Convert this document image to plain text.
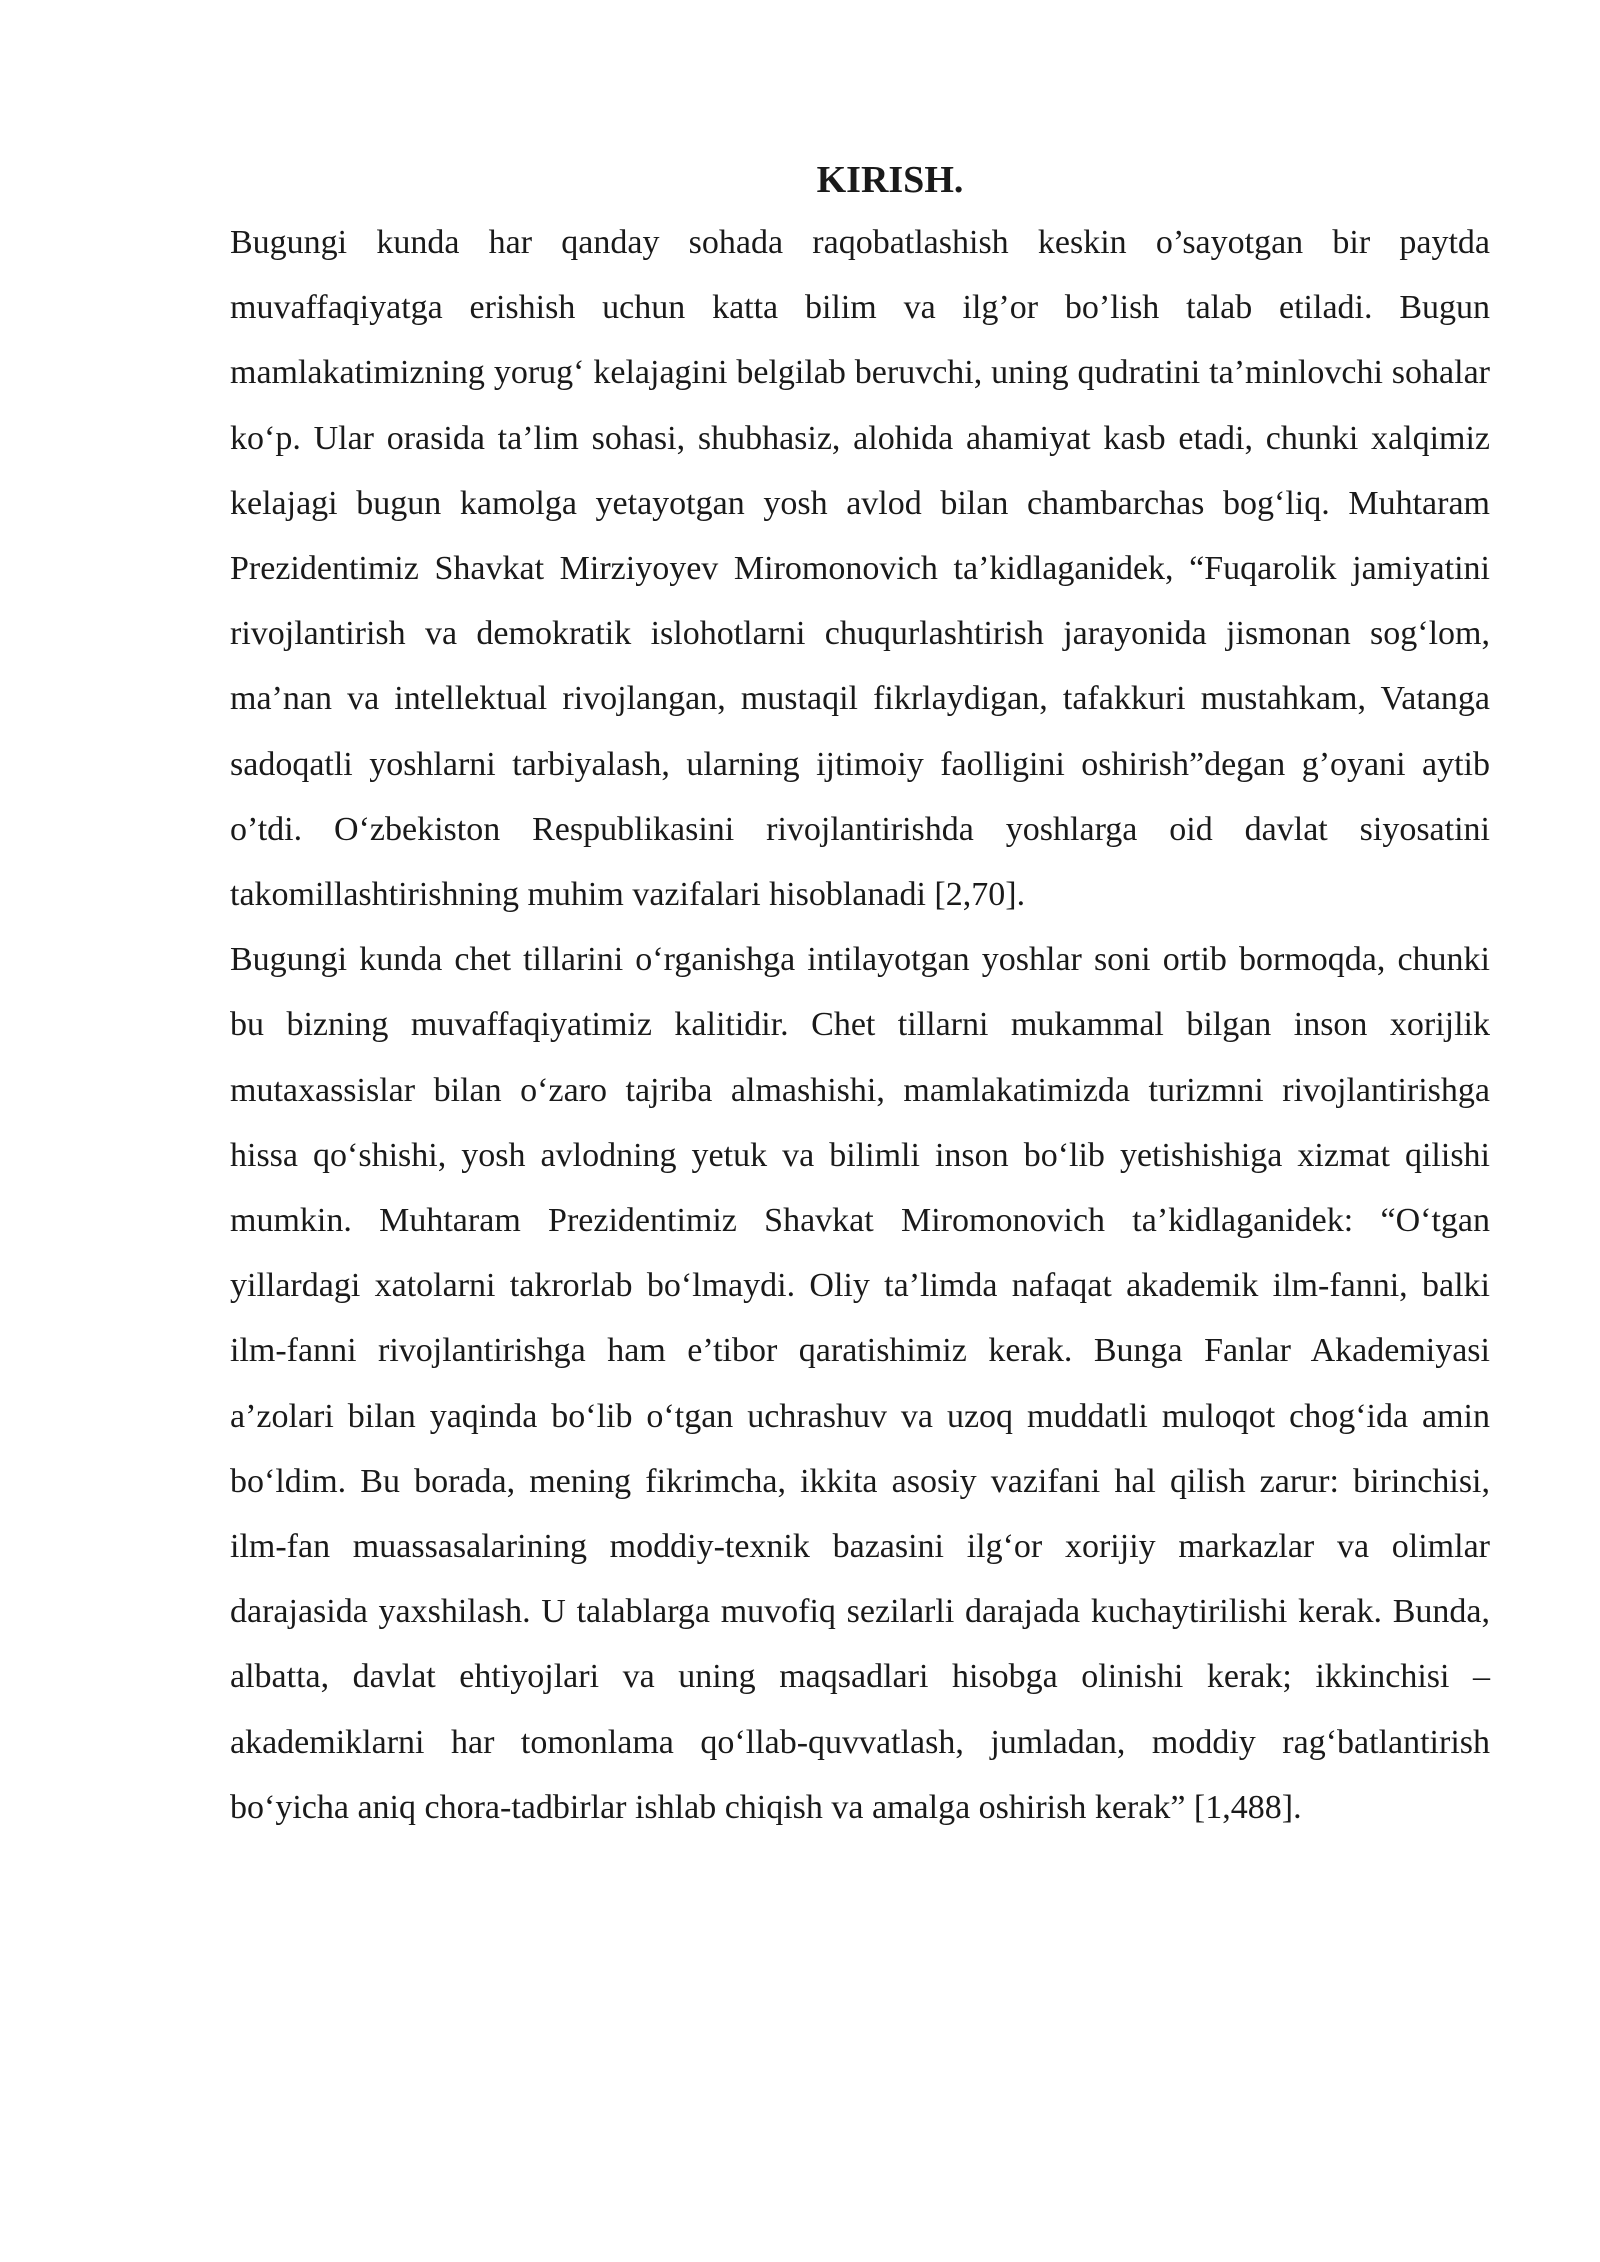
KIRISH.

Bugungi kunda har qanday sohada raqobatlashish keskin o’sayotgan bir paytda muvaffaqiyatga erishish uchun katta bilim va ilg’or bo’lish talab etiladi. Bugun mamlakatimizning yorug‘ kelajagini belgilab beruvchi, uning qudratini ta’minlovchi sohalar ko‘p. Ular orasida ta’lim sohasi, shubhasiz, alohida ahamiyat kasb etadi, chunki xalqimiz kelajagi bugun kamolga yetayotgan yosh avlod bilan chambarchas bog‘liq. Muhtaram Prezidentimiz Shavkat Mirziyoyev Miromonovich ta’kidlaganidek, “Fuqarolik jamiyatini rivojlantirish va demokratik islohotlarni chuqurlashtirish jarayonida jismonan sog‘lom, ma’nan va intellektual rivojlangan, mustaqil fikrlaydigan, tafakkuri mustahkam, Vatanga sadoqatli yoshlarni tarbiyalash, ularning ijtimoiy faolligini oshirish”degan g’oyani aytib o’tdi. O‘zbekiston Respublikasini rivojlantirishda yoshlarga oid davlat siyosatini takomillashtirishning muhim vazifalari hisoblanadi [2,70].

Bugungi kunda chet tillarini o‘rganishga intilayotgan yoshlar soni ortib bormoqda, chunki bu bizning muvaffaqiyatimiz kalitidir. Chet tillarni mukammal bilgan inson xorijlik mutaxassislar bilan o‘zaro tajriba almashishi, mamlakatimizda turizmni rivojlantirishga hissa qo‘shishi, yosh avlodning yetuk va bilimli inson bo‘lib yetishishiga xizmat qilishi mumkin. Muhtaram Prezidentimiz Shavkat Miromonovich ta’kidlaganidek: “O‘tgan yillardagi xatolarni takrorlab bo‘lmaydi. Oliy ta’limda nafaqat akademik ilm-fanni, balki ilm-fanni rivojlantirishga ham e’tibor qaratishimiz kerak. Bunga Fanlar Akademiyasi a’zolari bilan yaqinda bo‘lib o‘tgan uchrashuv va uzoq muddatli muloqot chog‘ida amin bo‘ldim. Bu borada, mening fikrimcha, ikkita asosiy vazifani hal qilish zarur: birinchisi, ilm-fan muassasalarining moddiy-texnik bazasini ilg‘or xorijiy markazlar va olimlar darajasida yaxshilash. U talablarga muvofiq sezilarli darajada kuchaytirilishi kerak. Bunda, albatta, davlat ehtiyojlari va uning maqsadlari hisobga olinishi kerak; ikkinchisi – akademiklarni har tomonlama qo‘llab-quvvatlash, jumladan, moddiy rag‘batlantirish bo‘yicha aniq chora-tadbirlar ishlab chiqish va amalga oshirish kerak” [1,488].
